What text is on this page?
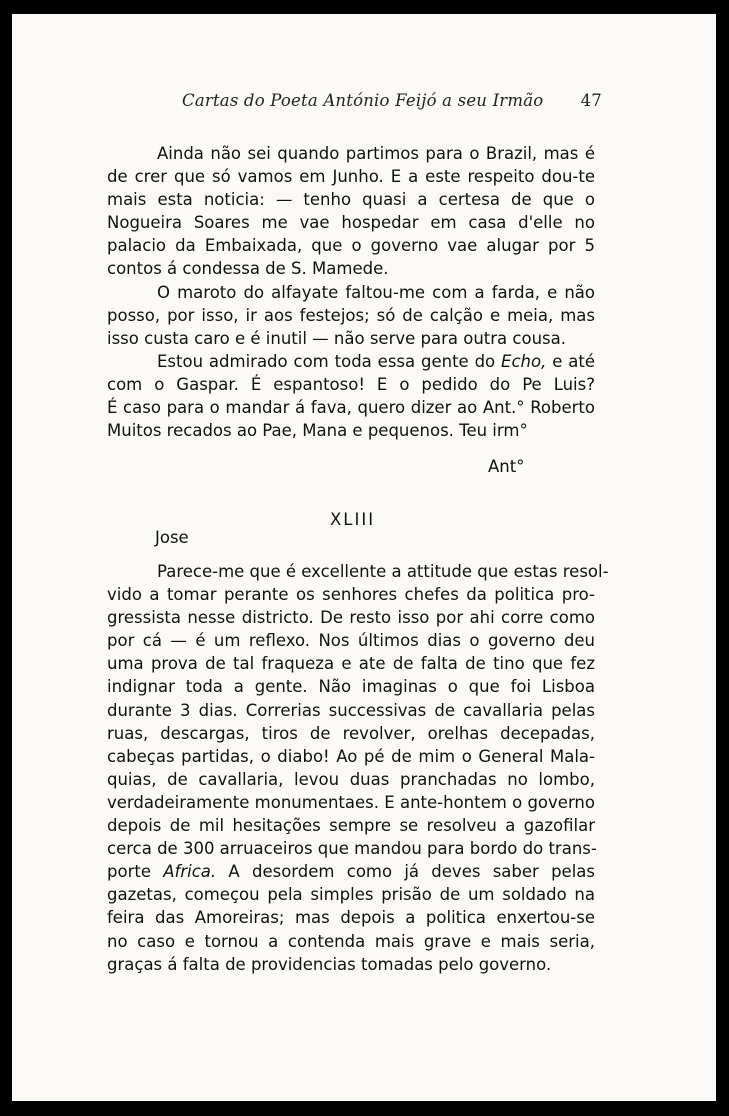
Cartas do Poeta António Feijó a seu Irmão 47
Ainda não sei quando partimos para o Brazil, mas é
de crer que só vamos em Junho. E a este respeito dou-te
mais esta noticia: — tenho quasi a certesa de que o
Nogueira Soares me vae hospedar em casa d'elle no
palacio da Embaixada, que o governo vae alugar por 5
contos á condessa de S. Mamede.
O maroto do alfayate faltou-me com a farda, e não
posso, por isso, ir aos festejos; só de calção e meia, mas
isso custa caro e é inutil — não serve para outra cousa.
Estou admirado com toda essa gente do Echo, e até
com o Gaspar. É espantoso! E o pedido do Pe Luis?
É caso para o mandar á fava, quero dizer ao Ant.° Roberto
Muitos recados ao Pae, Mana e pequenos. Teu irm°
Ant°
XLIII
Jose
Parece-me que é excellente a attitude que estas resol-
vido a tomar perante os senhores chefes da politica pro-
gressista nesse districto. De resto isso por ahi corre como
por cá — é um reflexo. Nos últimos dias o governo deu
uma prova de tal fraqueza e ate de falta de tino que fez
indignar toda a gente. Não imaginas o que foi Lisboa
durante 3 dias. Correrias successivas de cavallaria pelas
ruas, descargas, tiros de revolver, orelhas decepadas,
cabeças partidas, o diabo! Ao pé de mim o General Mala-
quias, de cavallaria, levou duas pranchadas no lombo,
verdadeiramente monumentaes. E ante-hontem o governo
depois de mil hesitações sempre se resolveu a gazofilar
cerca de 300 arruaceiros que mandou para bordo do trans-
porte Africa. A desordem como já deves saber pelas
gazetas, começou pela simples prisão de um soldado na
feira das Amoreiras; mas depois a politica enxertou-se
no caso e tornou a contenda mais grave e mais seria,
graças á falta de providencias tomadas pelo governo.
